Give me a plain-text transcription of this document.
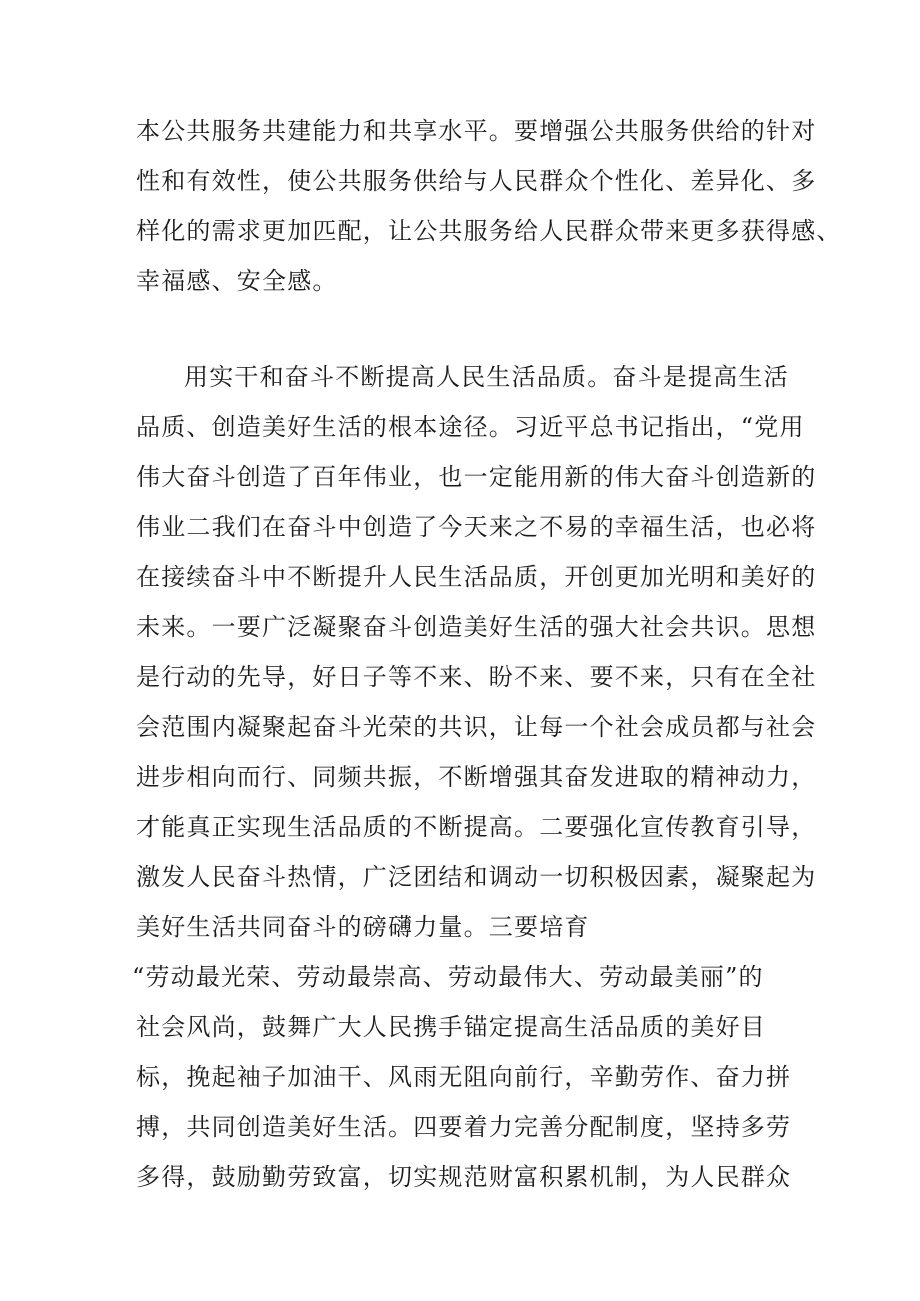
本公共服务共建能力和共享水平。要增强公共服务供给的针对
性和有效性，使公共服务供给与人民群众个性化、差异化、多
样化的需求更加匹配，让公共服务给人民群众带来更多获得感、
幸福感、安全感。
用实干和奋斗不断提高人民生活品质。奋斗是提高生活
品质、创造美好生活的根本途径。习近平总书记指出，“党用
伟大奋斗创造了百年伟业，也一定能用新的伟大奋斗创造新的
伟业二我们在奋斗中创造了今天来之不易的幸福生活，也必将
在接续奋斗中不断提升人民生活品质，开创更加光明和美好的
未来。一要广泛凝聚奋斗创造美好生活的强大社会共识。思想
是行动的先导，好日子等不来、盼不来、要不来，只有在全社
会范围内凝聚起奋斗光荣的共识，让每一个社会成员都与社会
进步相向而行、同频共振，不断增强其奋发进取的精神动力，
才能真正实现生活品质的不断提高。二要强化宣传教育引导，
激发人民奋斗热情，广泛团结和调动一切积极因素，凝聚起为
美好生活共同奋斗的磅礴力量。三要培育
“劳动最光荣、劳动最崇高、劳动最伟大、劳动最美丽”的
社会风尚，鼓舞广大人民携手锚定提高生活品质的美好目
标，挽起袖子加油干、风雨无阻向前行，辛勤劳作、奋力拼
搏，共同创造美好生活。四要着力完善分配制度，坚持多劳
多得，鼓励勤劳致富，切实规范财富积累机制，为人民群众
